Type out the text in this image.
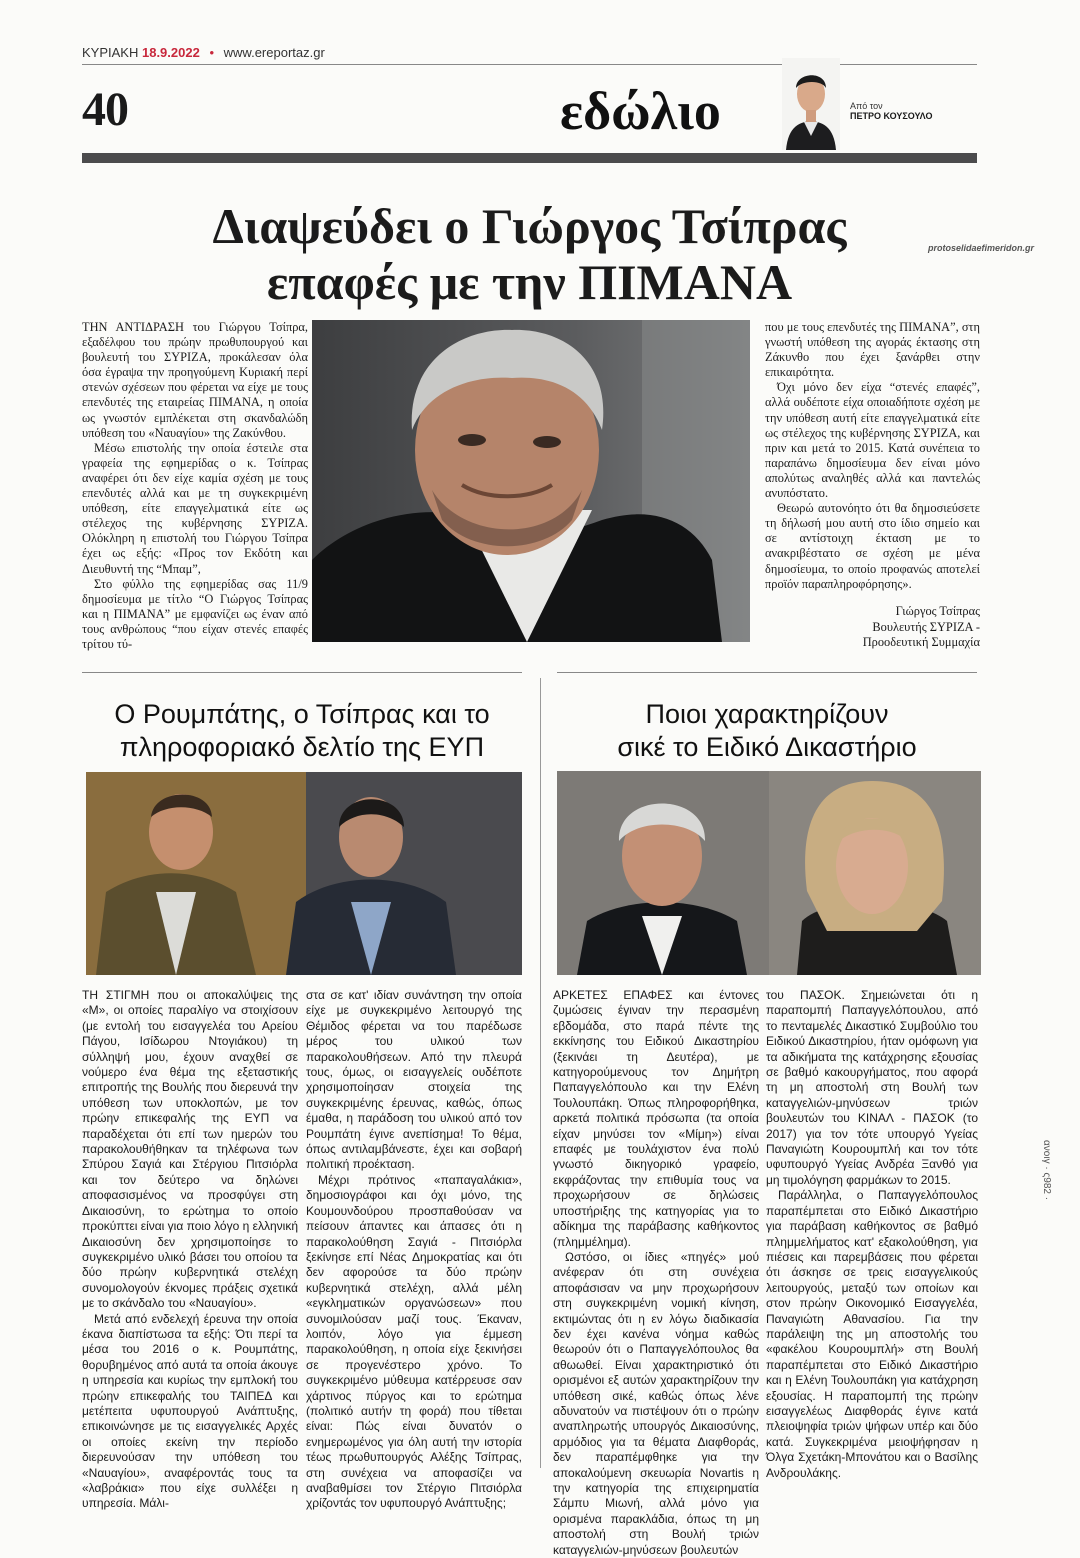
ΚΥΡΙΑΚΗ 18.9.2022 • www.ereportaz.gr
40	εδώλιο	Από τον
ΠΕΤΡΟ ΚΟΥΣΟΥΛΟ
Διαψεύδει ο Γιώργος Τσίπρας
επαφές με την ΠΙΜΑΝΑ
protoselidaefimeridon.gr

ΤΗΝ ΑΝΤΙΔΡΑΣΗ του Γιώργου Τσίπρα, εξαδέλφου του πρώην πρωθυπουργού και βουλευτή του ΣΥΡΙΖΑ, προκάλεσαν όλα όσα έγραψα την προηγούμενη Κυριακή περί στενών σχέσεων που φέρεται να είχε με τους επενδυτές της εταιρείας ΠΙΜΑΝΑ, η οποία ως γνωστόν εμπλέκεται στη σκανδαλώδη υπόθεση του «Ναυαγίου» της Ζακύνθου.

Μέσω επιστολής την οποία έστειλε στα γραφεία της εφημερίδας ο κ. Τσίπρας αναφέρει ότι δεν είχε καμία σχέση με τους επενδυτές αλλά και με τη συγκεκριμένη υπόθεση, είτε επαγγελματικά είτε ως στέλεχος της κυβέρνησης ΣΥΡΙΖΑ. Ολόκληρη η επιστολή του Γιώργου Τσίπρα έχει ως εξής: «Προς τον Εκδότη και Διευθυντή της “Μπαμ”,

Στο φύλλο της εφημερίδας σας 11/9 δημοσίευμα με τίτλο “Ο Γιώργος Τσίπρας και η ΠΙΜΑΝΑ” με εμφανίζει ως έναν από τους ανθρώπους “που είχαν στενές επαφές τρίτου τύ-

που με τους επενδυτές της ΠΙΜΑΝΑ”, στη γνωστή υπόθεση της αγοράς έκτασης στη Ζάκυνθο που έχει ξανάρθει στην επικαιρότητα.

Όχι μόνο δεν είχα “στενές επαφές”, αλλά ουδέποτε είχα οποιαδήποτε σχέση με την υπόθεση αυτή είτε επαγγελματικά είτε ως στέλεχος της κυβέρνησης ΣΥΡΙΖΑ, και πριν και μετά το 2015. Κατά συνέπεια το παραπάνω δημοσίευμα δεν είναι μόνο απολύτως αναληθές αλλά και παντελώς ανυπόστατο.

Θεωρώ αυτονόητο ότι θα δημοσιεύσετε τη δήλωσή μου αυτή στο ίδιο σημείο και σε αντίστοιχη έκταση με το ανακριβέστατο σε σχέση με μένα δημοσίευμα, το οποίο προφανώς αποτελεί προϊόν παραπληροφόρησης».

Γιώργος Τσίπρας
Βουλευτής ΣΥΡΙΖΑ -
Προοδευτική Συμμαχία
Ο Ρουμπάτης, ο Τσίπρας και το
πληροφοριακό δελτίο της ΕΥΠ
Ποιοι χαρακτηρίζουν
σικέ το Ειδικό Δικαστήριο

ΤΗ ΣΤΙΓΜΗ που οι αποκαλύψεις της «Μ», οι οποίες παραλίγο να στοιχίσουν (με εντολή του εισαγγελέα του Αρείου Πάγου, Ισίδωρου Ντογιάκου) τη σύλληψή μου, έχουν αναχθεί σε νούμερο ένα θέμα της εξεταστικής επιτροπής της Βουλής που διερευνά την υπόθεση των υποκλοπών, με τον πρώην επικεφαλής της ΕΥΠ να παραδέχεται ότι επί των ημερών του παρακολουθήθηκαν τα τηλέφωνα των Σπύρου Σαγιά και Στέργιου Πιτσιόρλα και τον δεύτερο να δηλώνει αποφασισμένος να προσφύγει στη Δικαιοσύνη, το ερώτημα το οποίο προκύπτει είναι για ποιο λόγο η ελληνική Δικαιοσύνη δεν χρησιμοποίησε το συγκεκριμένο υλικό βάσει του οποίου τα δύο πρώην κυβερνητικά στελέχη συνομολογούν έκνομες πράξεις σχετικά με το σκάνδαλο του «Ναυαγίου».

Μετά από ενδελεχή έρευνα την οποία έκανα διαπίστωσα τα εξής: Ότι περί τα μέσα του 2016 ο κ. Ρουμπάτης, θορυβημένος από αυτά τα οποία άκουγε η υπηρεσία και κυρίως την εμπλοκή του πρώην επικεφαλής του ΤΑΙΠΕΔ και μετέπειτα υφυπουργού Ανάπτυξης, επικοινώνησε με τις εισαγγελικές Αρχές οι οποίες εκείνη την περίοδο διερευνούσαν την υπόθεση του «Ναυαγίου», αναφέροντάς τους τα «λαβράκια» που είχε συλλέξει η υπηρεσία. Μάλι-

στα σε κατ' ιδίαν συνάντηση την οποία είχε με συγκεκριμένο λειτουργό της Θέμιδος φέρεται να του παρέδωσε μέρος του υλικού των παρακολουθήσεων. Από την πλευρά τους, όμως, οι εισαγγελείς ουδέποτε χρησιμοποίησαν στοιχεία της συγκεκριμένης έρευνας, καθώς, όπως έμαθα, η παράδοση του υλικού από τον Ρουμπάτη έγινε ανεπίσημα! Το θέμα, όπως αντιλαμβάνεστε, έχει και σοβαρή πολιτική προέκταση.

Μέχρι πρότινος «παπαγαλάκια», δημοσιογράφοι και όχι μόνο, της Κουμουνδούρου προσπαθούσαν να πείσουν άπαντες και άπασες ότι η παρακολούθηση Σαγιά - Πιτσιόρλα ξεκίνησε επί Νέας Δημοκρατίας και ότι δεν αφορούσε τα δύο πρώην κυβερνητικά στελέχη, αλλά μέλη «εγκληματικών οργανώσεων» που συνομιλούσαν μαζί τους. Έκαναν, λοιπόν, λόγο για έμμεση παρακολούθηση, η οποία είχε ξεκινήσει σε προγενέστερο χρόνο. Το συγκεκριμένο μύθευμα κατέρρευσε σαν χάρτινος πύργος και το ερώτημα (πολιτικό αυτήν τη φορά) που τίθεται είναι: Πώς είναι δυνατόν ο ενημερωμένος για όλη αυτή την ιστορία τέως πρωθυπουργός Αλέξης Τσίπρας, στη συνέχεια να αποφασίζει να αναβαθμίσει τον Στέργιο Πιτσιόρλα χρίζοντάς τον υφυπουργό Ανάπτυξης;

ΑΡΚΕΤΕΣ ΕΠΑΦΕΣ και έντονες ζυμώσεις έγιναν την περασμένη εβδομάδα, στο παρά πέντε της εκκίνησης του Ειδικού Δικαστηρίου (ξεκινάει τη Δευτέρα), με κατηγορούμενους τον Δημήτρη Παπαγγελόπουλο και την Ελένη Τουλουπάκη. Όπως πληροφορήθηκα, αρκετά πολιτικά πρόσωπα (τα οποία είχαν μηνύσει τον «Μίμη») είναι επαφές με τουλάχιστον ένα πολύ γνωστό δικηγορικό γραφείο, εκφράζοντας την επιθυμία τους να προχωρήσουν σε δηλώσεις υποστήριξης της κατηγορίας για το αδίκημα της παράβασης καθήκοντος (πλημμέλημα).

Ωστόσο, οι ίδιες «πηγές» μού ανέφεραν ότι στη συνέχεια αποφάσισαν να μην προχωρήσουν στη συγκεκριμένη νομική κίνηση, εκτιμώντας ότι η εν λόγω διαδικασία δεν έχει κανένα νόημα καθώς θεωρούν ότι ο Παπαγγελόπουλος θα αθωωθεί. Είναι χαρακτηριστικό ότι ορισμένοι εξ αυτών χαρακτηρίζουν την υπόθεση σικέ, καθώς όπως λένε αδυνατούν να πιστέψουν ότι ο πρώην αναπληρωτής υπουργός Δικαιοσύνης, αρμόδιος για τα θέματα Διαφθοράς, δεν παραπέμφθηκε για την αποκαλούμενη σκευωρία Novartis η την κατηγορία της επιχειρηματία Σάμπυ Μιωνή, αλλά μόνο για ορισμένα παρακλάδια, όπως τη μη αποστολή στη Βουλή τριών καταγγελιών-μηνύσεων βουλευτών

του ΠΑΣΟΚ. Σημειώνεται ότι η παραπομπή Παπαγγελόπουλου, από το πενταμελές Δικαστικό Συμβούλιο του Ειδικού Δικαστηρίου, ήταν ομόφωνη για τα αδικήματα της κατάχρησης εξουσίας σε βαθμό κακουργήματος, που αφορά τη μη αποστολή στη Βουλή των καταγγελιών-μηνύσεων τριών βουλευτών του ΚΙΝΑΛ - ΠΑΣΟΚ (το 2017) για τον τότε υπουργό Υγείας Παναγιώτη Κουρουμπλή και τον τότε υφυπουργό Υγείας Ανδρέα Ξανθό για μη τιμολόγηση φαρμάκων το 2015.

Παράλληλα, ο Παπαγγελόπουλος παραπέμπεται στο Ειδικό Δικαστήριο για παράβαση καθήκοντος σε βαθμό πλημμελήματος κατ' εξακολούθηση, για πιέσεις και παρεμβάσεις που φέρεται ότι άσκησε σε τρεις εισαγγελικούς λειτουργούς, μεταξύ των οποίων και στον πρώην Οικονομικό Εισαγγελέα, Παναγιώτη Αθανασίου. Για την παράλειψη της μη αποστολής του «φακέλου Κουρουμπλή» στη Βουλή παραπέμπεται στο Ειδικό Δικαστήριο και η Ελένη Τουλουπάκη για κατάχρηση εξουσίας. Η παραπομπή της πρώην εισαγγελέως Διαφθοράς έγινε κατά πλειοψηφία τριών ψήφων υπέρ και δύο κατά. Συγκεκριμένα μειοψήφησαν η Όλγα Σχετάκη-Μπονάτου και ο Βασίλης Ανδρουλάκης.

ανοιγ · ς982 ·
